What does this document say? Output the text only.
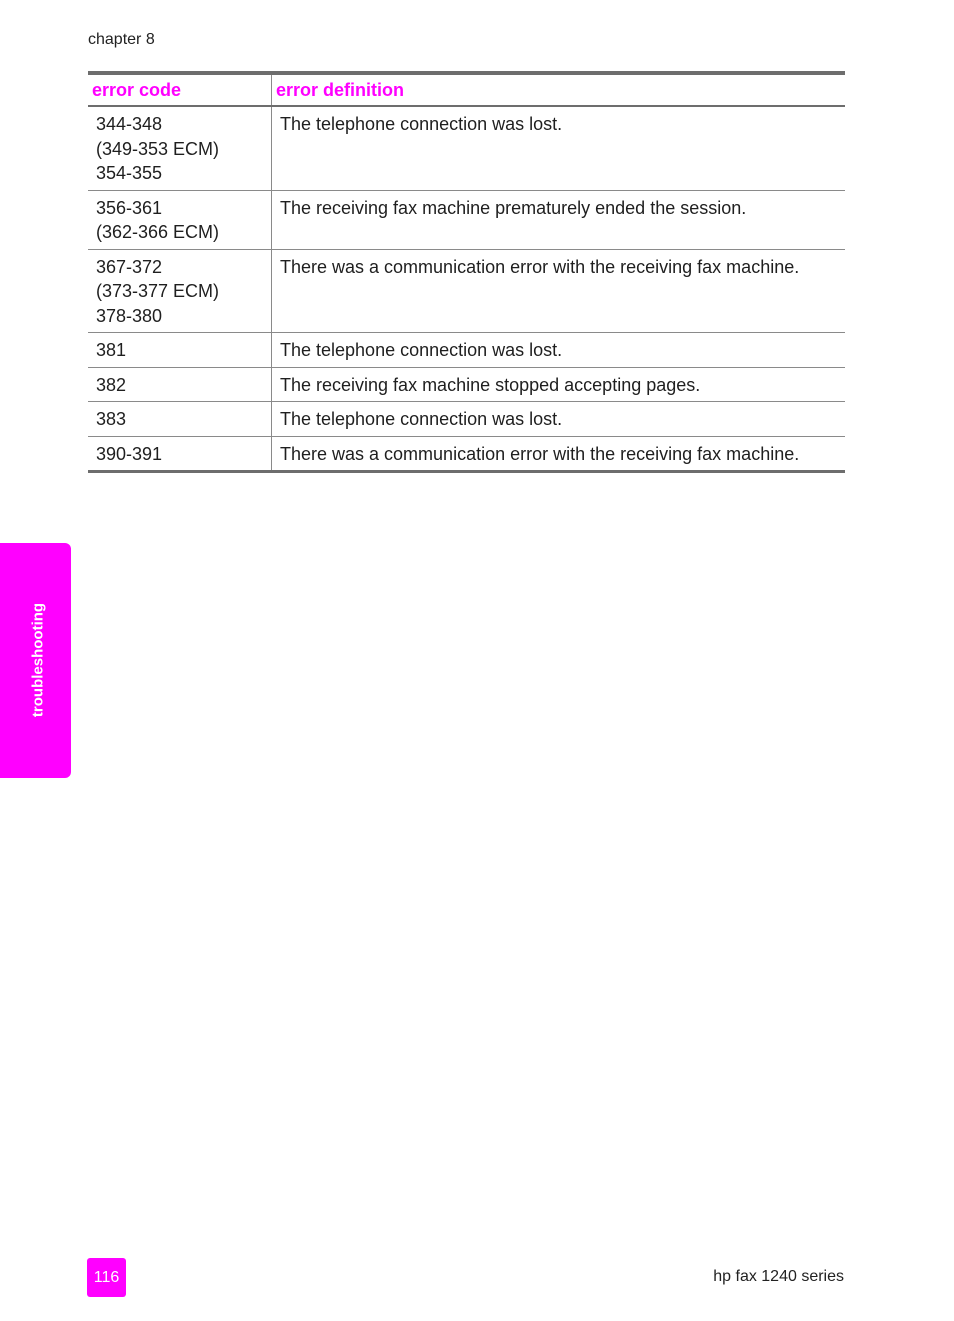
chapter 8
error code	error definition

344-348
(349-353 ECM)
354-355	The telephone connection was lost.

356-361
(362-366 ECM)	The receiving fax machine prematurely ended the session.

367-372
(373-377 ECM)
378-380	There was a communication error with the receiving fax machine.

381	The telephone connection was lost.

382	The receiving fax machine stopped accepting pages.

383	The telephone connection was lost.

390-391	There was a communication error with the receiving fax machine.
troubleshooting
116	hp fax 1240 series
